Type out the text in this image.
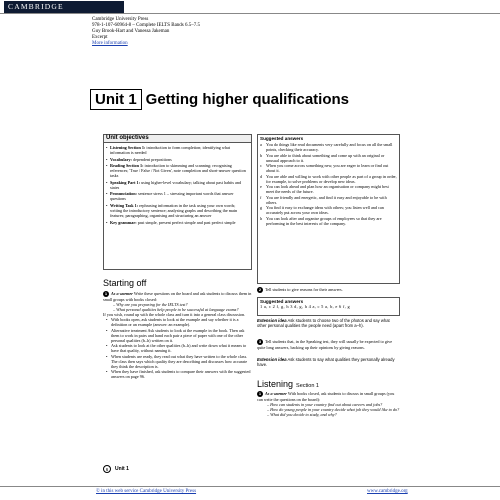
CAMBRIDGE
Cambridge University Press
978-1-107-60964-8 – Complete IELTS Bands 6.5–7.5
Guy Brook-Hart and Vanessa Jakeman
Excerpt
More information
Unit 1 Getting higher qualifications
Unit objectives
• Listening Section 1: introduction to form completion; identifying what information is needed
• Vocabulary: dependent prepositions
• Reading Section 1: introduction to skimming and scanning; recognising references; 'True / False / Not Given', note completion and short-answer question tasks
• Speaking Part 1: using higher-level vocabulary; talking about past habits and states
• Pronunciation: sentence stress 1 – stressing important words that answer questions
• Writing Task 1: rephrasing information in the task using your own words; writing the introductory sentence; analysing graphs and describing the main features; paragraphing, organising and structuring an answer
• Key grammar: past simple, present perfect simple and past perfect simple
Suggested answers
a You do things like read documents very carefully and focus on all the small points, checking their accuracy.
b You are able to think about something and come up with an original or unusual approach to it.
c When you come across something new, you are eager to learn or find out about it.
d You are able and willing to work with other people as part of a group in order, for example, to solve problems or develop new ideas.
e You can look ahead and plan how an organisation or company might best meet the needs of the future.
f	You are friendly and energetic, and find it easy and enjoyable to be with others.
g You find it easy to exchange ideas with others; you listen well and can accurately put across your own ideas.
h You can look after and organise groups of employees so that they are performing in the best interests of the company.
2 Tell students to give reasons for their answers.
Suggested answers
1 a, c 2 f, g, h 3 d, g, h 4 a, c 5 a, b, e 6 f, g
Extension idea Ask students to choose two of the photos and say what other personal qualities the people need (apart from a–h).
3 Tell students that, in the Speaking test, they will usually be expected to give quite long answers, backing up their opinions by giving reasons.
Extension idea Ask students to say what qualities they personally already have.
Listening Section 1
1 As a warmer With books closed, ask students to discuss in small groups (you can write the questions on the board):
– How can students in your country find out about careers and jobs?
– How do young people in your country decide what job they would like to do?
– What did you decide to study, and why?
Starting off
1 As a warmer Write these questions on the board and ask students to discuss them in small groups with books closed:
– Why are you preparing for the IELTS test?
– What personal qualities help people to be successful at language exams?
If you wish, round up with the whole class and turn it into a general class discussion.
• With books open, ask students to look at the example and say whether it is a definition or an example (answer: an example).
• Alternative treatment Ask students to look at the example in the book. Then ask them to work in pairs and hand each pair a piece of paper with one of the other personal qualities (b–h) written on it.
• Ask students to look at the other qualities (b–h) and write down what it means to have that quality, without naming it.
• When students are ready, they read out what they have written to the whole class. The class then says which quality they are describing and discusses how accurate they think the description is.
• When they have finished, ask students to compare their answers with the suggested answers on page 96.
6	Unit 1
© in this web service Cambridge University Press	www.cambridge.org
